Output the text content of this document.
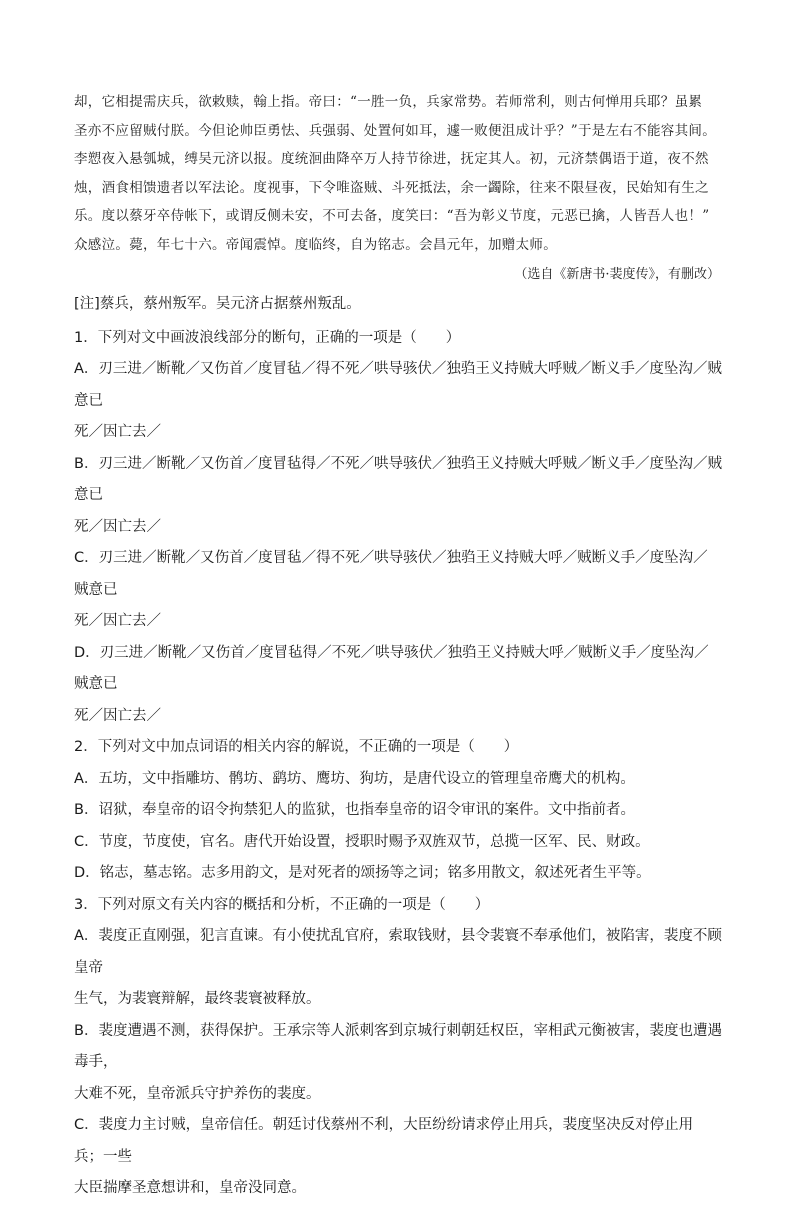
却，它相提需庆兵，欲敕赎，翰上指。帝曰：“一胜一负，兵家常势。若师常利，则古何惮用兵耶？虽累

圣亦不应留贼付朕。今但论帅臣勇怯、兵强弱、处置何如耳，遽一败便沮成计乎？”于是左右不能容其间。

李愬夜入悬瓠城，缚吴元济以报。度统洄曲降卒万人持节徐进，抚定其人。初，元济禁偶语于道，夜不然

烛，酒食相馈遗者以军法论。度视事，下令唯盗贼、斗死抵法，余一蠲除，往来不限昼夜，民始知有生之

乐。度以蔡牙卒侍帐下，或谓反侧未安，不可去备，度笑曰：“吾为彰义节度，元恶已擒，人皆吾人也！”

众感泣。薨，年七十六。帝闻震悼。度临终，自为铭志。会昌元年，加赠太师。

（选自《新唐书·裴度传》，有删改）

[注]蔡兵，蔡州叛军。吴元济占据蔡州叛乱。

1．下列对文中画波浪线部分的断句，正确的一项是（　　）

A．刃三进／断靴／又伤首／度冒毡／得不死／哄导骇伏／独驺王义持贼大呼贼／断义手／度坠沟／贼意已

死／因亡去／

B．刃三进／断靴／又伤首／度冒毡得／不死／哄导骇伏／独驺王义持贼大呼贼／断义手／度坠沟／贼意已

死／因亡去／

C．刃三进／断靴／又伤首／度冒毡／得不死／哄导骇伏／独驺王义持贼大呼／贼断义手／度坠沟／贼意已

死／因亡去／

D．刃三进／断靴／又伤首／度冒毡得／不死／哄导骇伏／独驺王义持贼大呼／贼断义手／度坠沟／贼意已

死／因亡去／

2．下列对文中加点词语的相关内容的解说，不正确的一项是（　　）

A．五坊，文中指雕坊、鹘坊、鹞坊、鹰坊、狗坊，是唐代设立的管理皇帝鹰犬的机构。

B．诏狱，奉皇帝的诏令拘禁犯人的监狱，也指奉皇帝的诏令审讯的案件。文中指前者。

C．节度，节度使，官名。唐代开始设置，授职时赐予双旌双节，总揽一区军、民、财政。

D．铭志，墓志铭。志多用韵文，是对死者的颂扬等之词；铭多用散文，叙述死者生平等。

3．下列对原文有关内容的概括和分析，不正确的一项是（　　）

A．裴度正直刚强，犯言直谏。有小使扰乱官府，索取钱财，县令裴寰不奉承他们，被陷害，裴度不顾皇帝

生气，为裴寰辩解，最终裴寰被释放。

B．裴度遭遇不测，获得保护。王承宗等人派刺客到京城行刺朝廷权臣，宰相武元衡被害，裴度也遭遇毒手，

大难不死，皇帝派兵守护养伤的裴度。

C．裴度力主讨贼，皇帝信任。朝廷讨伐蔡州不利，大臣纷纷请求停止用兵，裴度坚决反对停止用兵；一些

大臣揣摩圣意想讲和，皇帝没同意。
